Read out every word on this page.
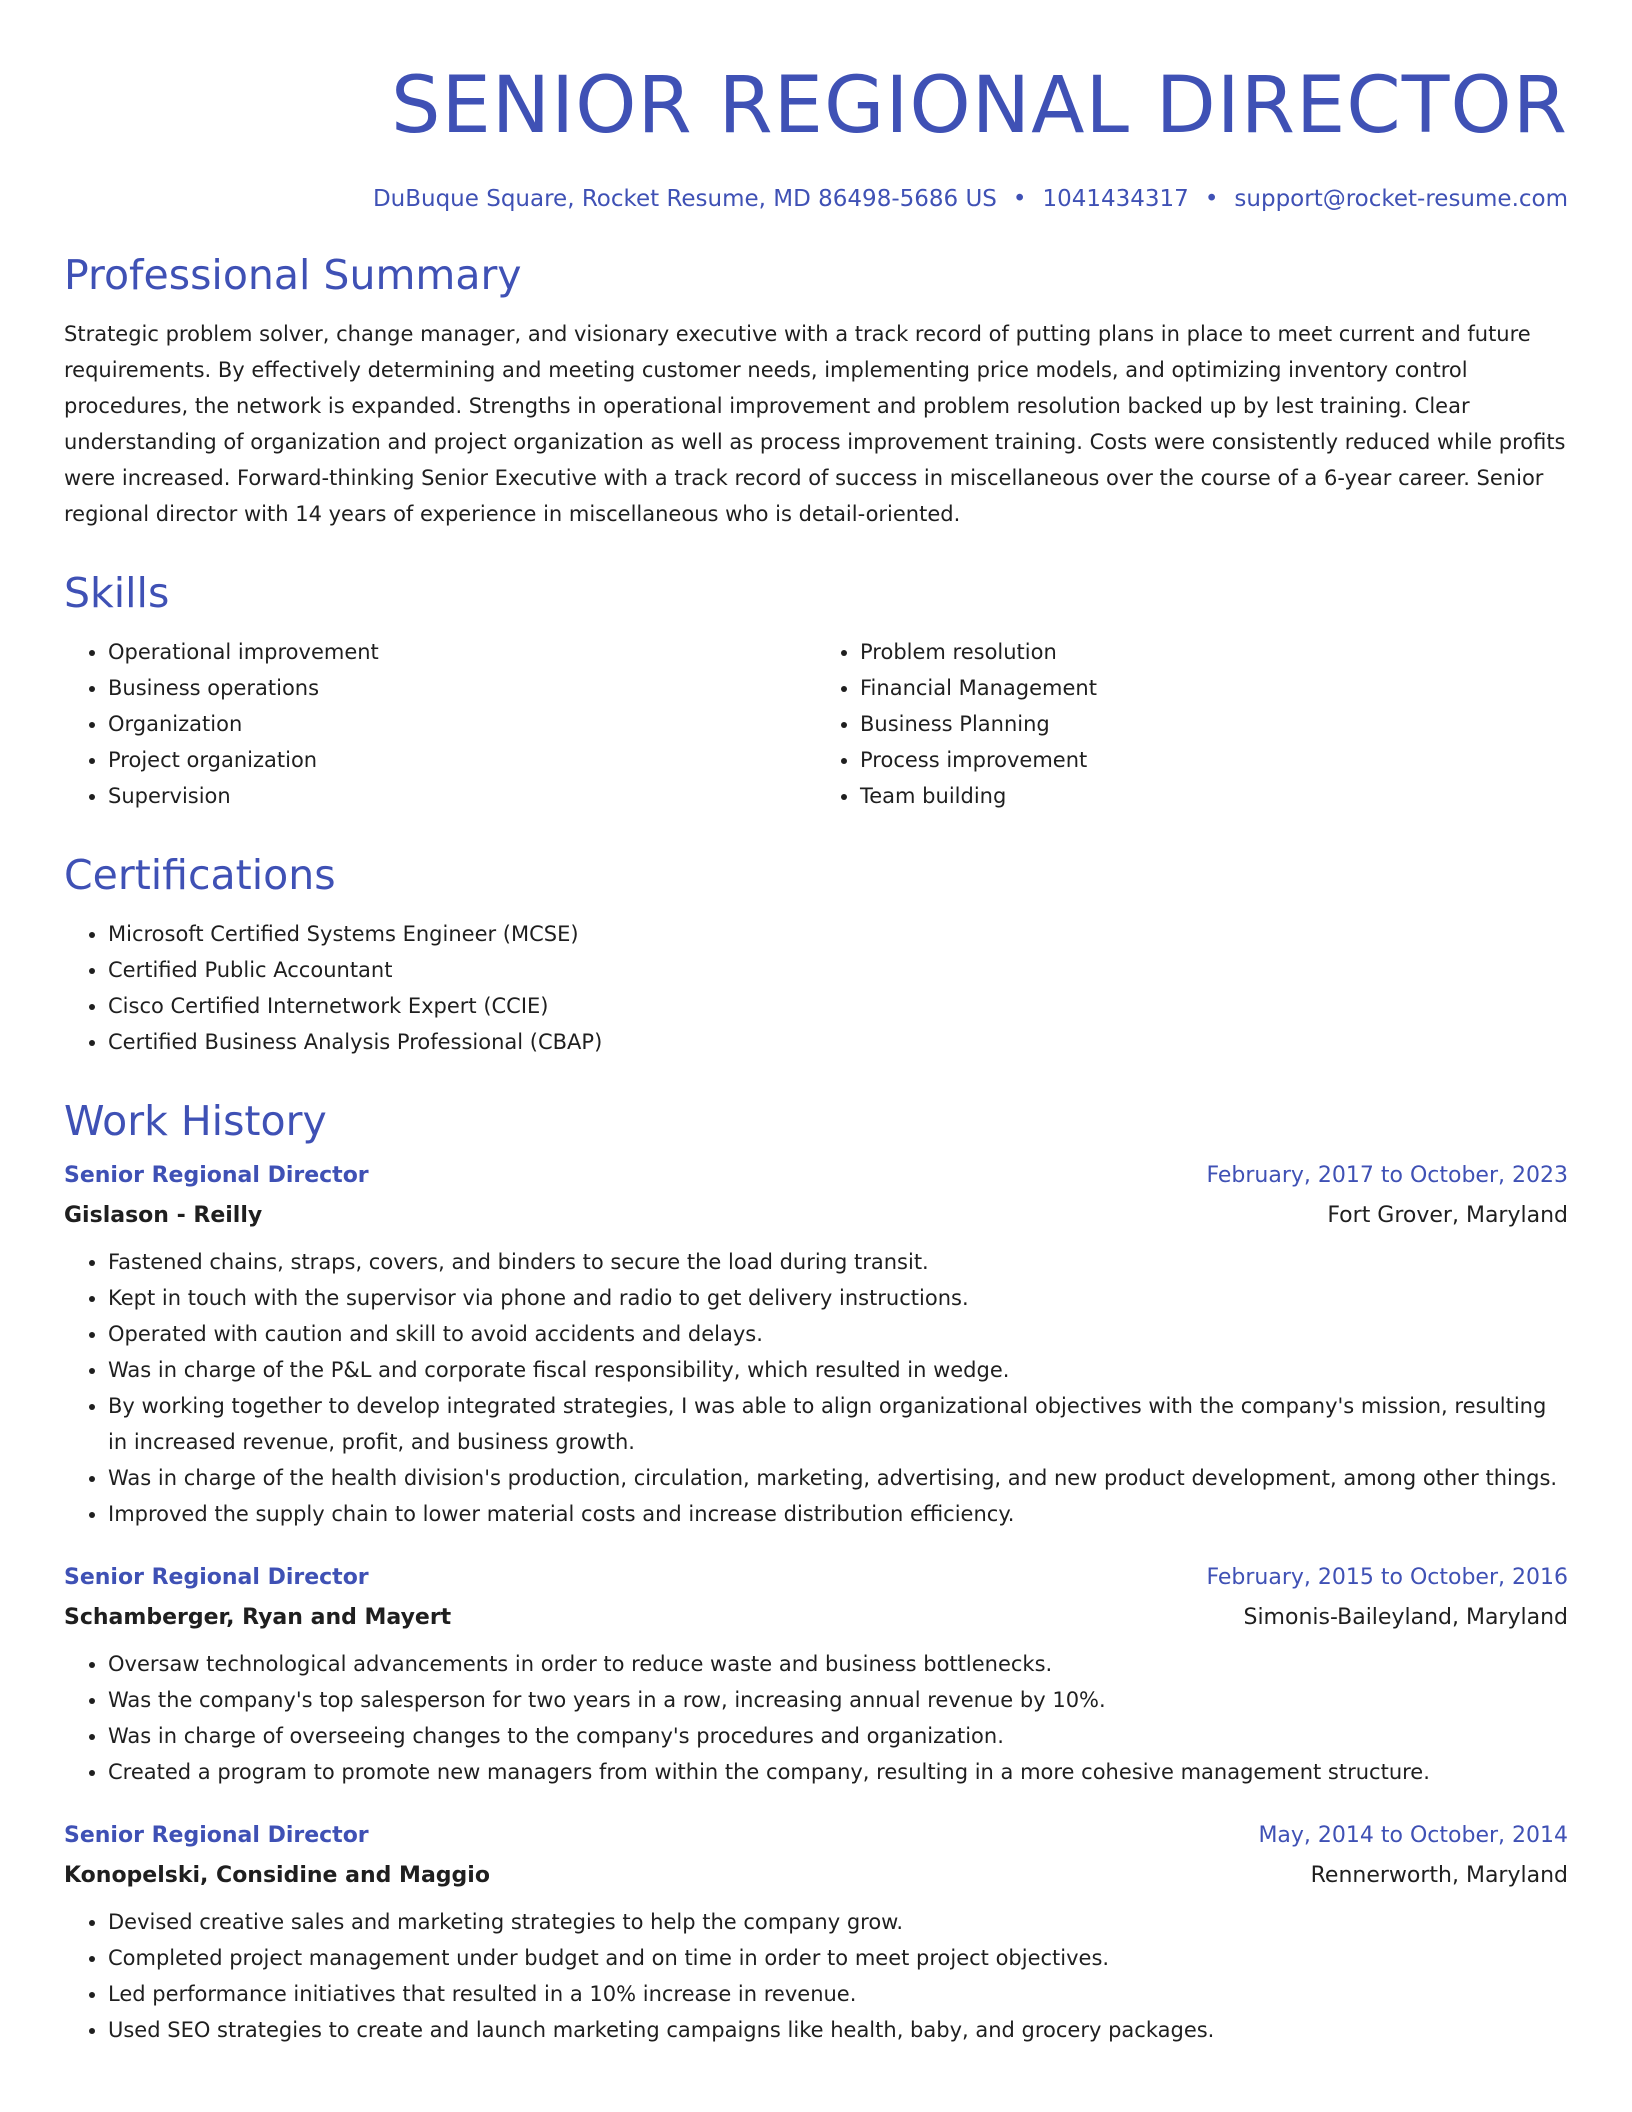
SENIOR REGIONAL DIRECTOR
DuBuque Square, Rocket Resume, MD 86498-5686 US • 1041434317 • support@rocket-resume.com
Professional Summary

Strategic problem solver, change manager, and visionary executive with a track record of putting plans in place to meet current and future requirements. By effectively determining and meeting customer needs, implementing price models, and optimizing inventory control procedures, the network is expanded. Strengths in operational improvement and problem resolution backed up by lest training. Clear understanding of organization and project organization as well as process improvement training. Costs were consistently reduced while profits were increased. Forward-thinking Senior Executive with a track record of success in miscellaneous over the course of a 6-year career. Senior regional director with 14 years of experience in miscellaneous who is detail-oriented.

Skills
• Operational improvement
• Business operations
• Organization
• Project organization
• Supervision
• Problem resolution
• Financial Management
• Business Planning
• Process improvement
• Team building
Certifications
• Microsoft Certified Systems Engineer (MCSE)
• Certified Public Accountant
• Cisco Certified Internetwork Expert (CCIE)
• Certified Business Analysis Professional (CBAP)
Work History
Senior Regional Director	February, 2017 to October, 2023
Gislason - Reilly	Fort Grover, Maryland
• Fastened chains, straps, covers, and binders to secure the load during transit.
• Kept in touch with the supervisor via phone and radio to get delivery instructions.
• Operated with caution and skill to avoid accidents and delays.
• Was in charge of the P&L and corporate fiscal responsibility, which resulted in wedge.
• By working together to develop integrated strategies, I was able to align organizational objectives with the company's mission, resulting in increased revenue, profit, and business growth.
• Was in charge of the health division's production, circulation, marketing, advertising, and new product development, among other things.
• Improved the supply chain to lower material costs and increase distribution efficiency.
Senior Regional Director	February, 2015 to October, 2016
Schamberger, Ryan and Mayert	Simonis-Baileyland, Maryland
• Oversaw technological advancements in order to reduce waste and business bottlenecks.
• Was the company's top salesperson for two years in a row, increasing annual revenue by 10%.
• Was in charge of overseeing changes to the company's procedures and organization.
• Created a program to promote new managers from within the company, resulting in a more cohesive management structure.
Senior Regional Director	May, 2014 to October, 2014
Konopelski, Considine and Maggio	Rennerworth, Maryland
• Devised creative sales and marketing strategies to help the company grow.
• Completed project management under budget and on time in order to meet project objectives.
• Led performance initiatives that resulted in a 10% increase in revenue.
• Used SEO strategies to create and launch marketing campaigns like health, baby, and grocery packages.
